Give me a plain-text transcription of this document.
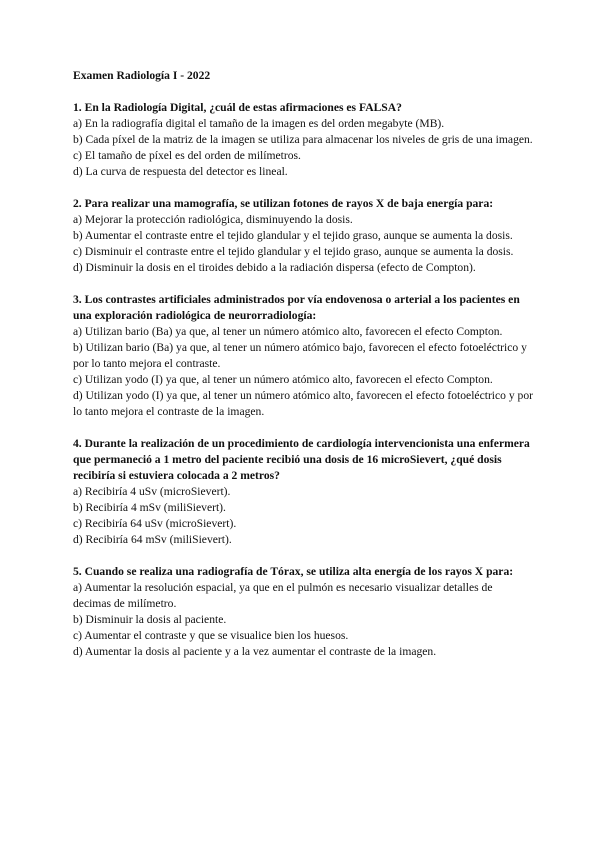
Examen Radiología I - 2022
1. En la Radiología Digital, ¿cuál de estas afirmaciones es FALSA?
a) En la radiografía digital el tamaño de la imagen es del orden megabyte (MB).
b) Cada píxel de la matriz de la imagen se utiliza para almacenar los niveles de gris de una imagen.
c) El tamaño de píxel es del orden de milímetros.
d) La curva de respuesta del detector es lineal.
2. Para realizar una mamografía, se utilizan fotones de rayos X de baja energía para:
a) Mejorar la protección radiológica, disminuyendo la dosis.
b) Aumentar el contraste entre el tejido glandular y el tejido graso, aunque se aumenta la dosis.
c) Disminuir el contraste entre el tejido glandular y el tejido graso, aunque se aumenta la dosis.
d) Disminuir la dosis en el tiroides debido a la radiación dispersa (efecto de Compton).
3. Los contrastes artificiales administrados por vía endovenosa o arterial a los pacientes en una exploración radiológica de neurorradiología:
a) Utilizan bario (Ba) ya que, al tener un número atómico alto, favorecen el efecto Compton.
b) Utilizan bario (Ba) ya que, al tener un número atómico bajo, favorecen el efecto fotoeléctrico y por lo tanto mejora el contraste.
c) Utilizan yodo (I) ya que, al tener un número atómico alto, favorecen el efecto Compton.
d) Utilizan yodo (I) ya que, al tener un número atómico alto, favorecen el efecto fotoeléctrico y por lo tanto mejora el contraste de la imagen.
4. Durante la realización de un procedimiento de cardiología intervencionista una enfermera que permaneció a 1 metro del paciente recibió una dosis de 16 microSievert, ¿qué dosis recibiría si estuviera colocada a 2 metros?
a) Recibiría 4 uSv (microSievert).
b) Recibiría 4 mSv (miliSievert).
c) Recibiría 64 uSv (microSievert).
d) Recibiría 64 mSv (miliSievert).
5. Cuando se realiza una radiografía de Tórax, se utiliza alta energía de los rayos X para:
a) Aumentar la resolución espacial, ya que en el pulmón es necesario visualizar detalles de decimas de milímetro.
b) Disminuir la dosis al paciente.
c) Aumentar el contraste y que se visualice bien los huesos.
d) Aumentar la dosis al paciente y a la vez aumentar el contraste de la imagen.
